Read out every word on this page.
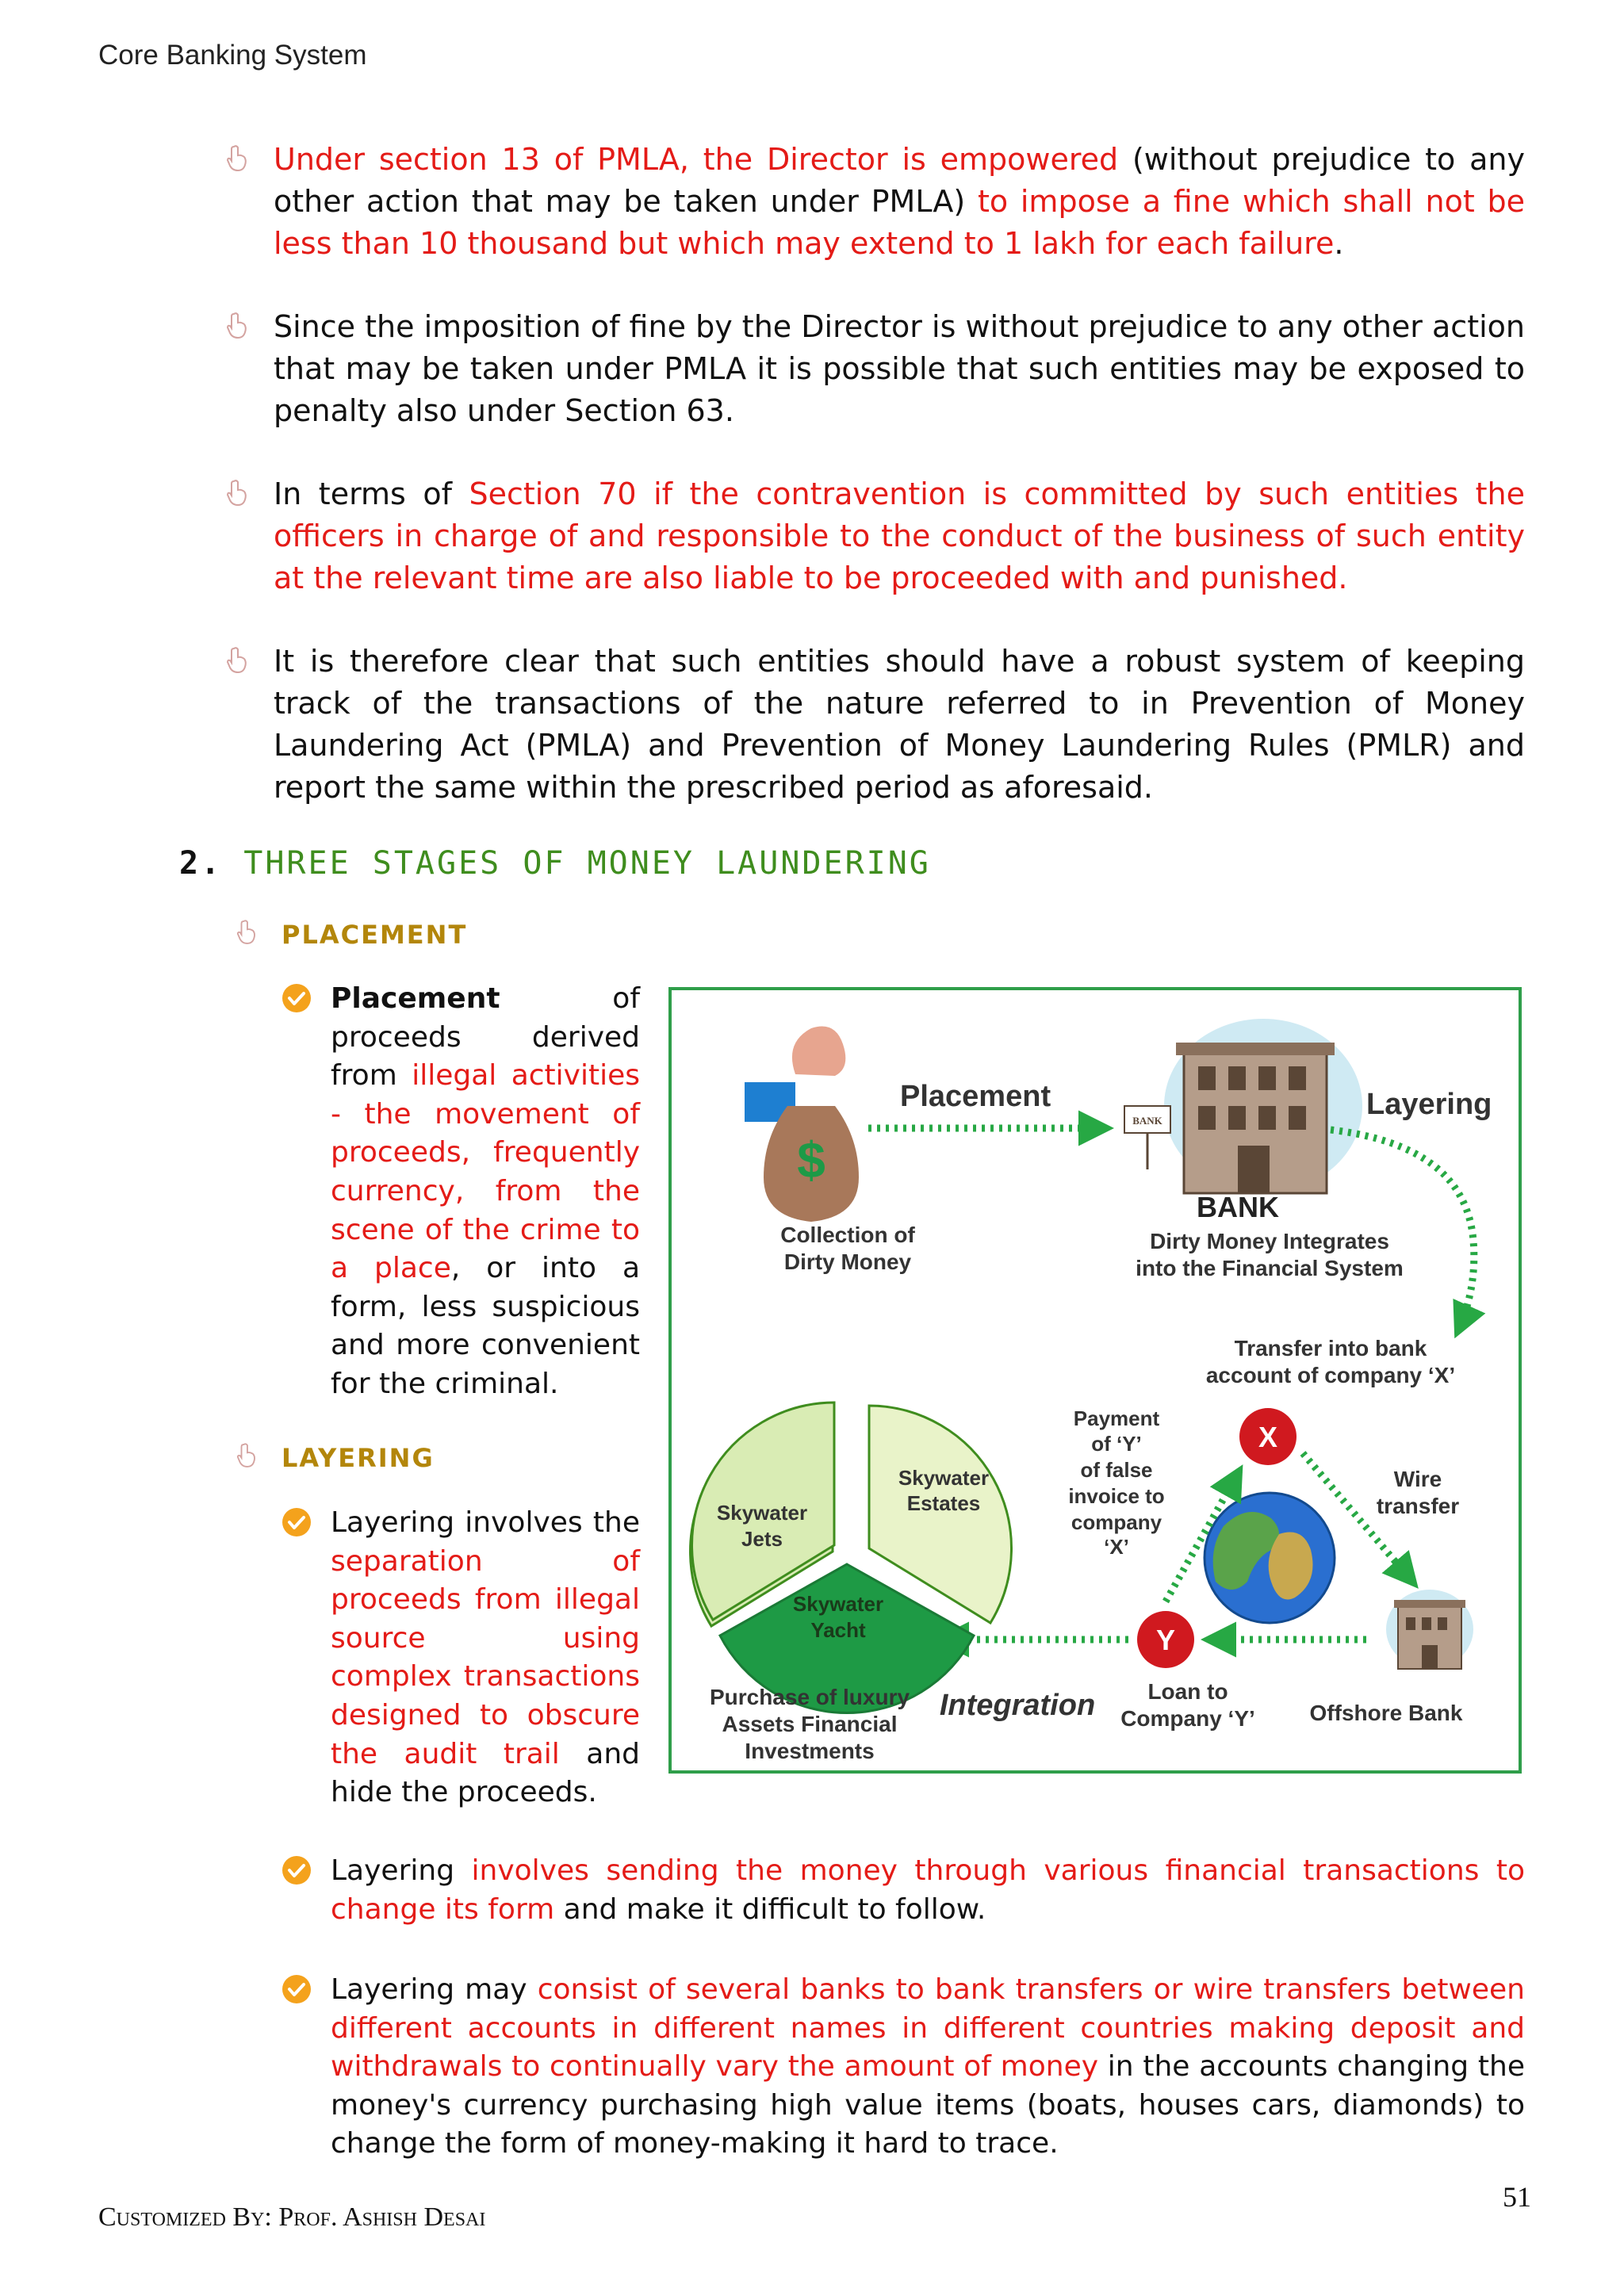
Core Banking System
Under section 13 of PMLA, the Director is empowered (without prejudice to any other action that may be taken under PMLA) to impose a fine which shall not be less than 10 thousand but which may extend to 1 lakh for each failure.
Since the imposition of fine by the Director is without prejudice to any other action that may be taken under PMLA it is possible that such entities may be exposed to penalty also under Section 63.
In terms of Section 70 if the contravention is committed by such entities the officers in charge of and responsible to the conduct of the business of such entity at the relevant time are also liable to be proceeded with and punished.
It is therefore clear that such entities should have a robust system of keeping track of the transactions of the nature referred to in Prevention of Money Laundering Act (PMLA) and Prevention of Money Laundering Rules (PMLR) and report the same within the prescribed period as aforesaid.
2. THREE STAGES OF MONEY LAUNDERING
PLACEMENT
Placement of proceeds derived from illegal activities - the movement of proceeds, frequently currency, from the scene of the crime to a place, or into a form, less suspicious and more convenient for the criminal.
LAYERING
Layering involves the separation of proceeds from illegal source using complex transactions designed to obscure the audit trail and hide the proceeds.
Layering involves sending the money through various financial transactions to change its form and make it difficult to follow.
Layering may consist of several banks to bank transfers or wire transfers between different accounts in different names in different countries making deposit and withdrawals to continually vary the amount of money in the accounts changing the money's currency purchasing high value items (boats, houses cars, diamonds) to change the form of money-making it hard to trace.
$
Placement
Collection of
Dirty Money
BANK
BANK
Dirty Money Integrates
into the Financial System
Layering
Transfer into bank
account of company ‘X’
X
Payment
of ‘Y’
of false
invoice to
company
‘X’
Wire
transfer
Offshore Bank
Y
Loan to
Company ‘Y’
Integration
Skywater
Jets
Skywater
Estates
Skywater
Yacht
Purchase of luxury
Assets Financial
Investments
Customized By: Prof. Ashish Desai
51
